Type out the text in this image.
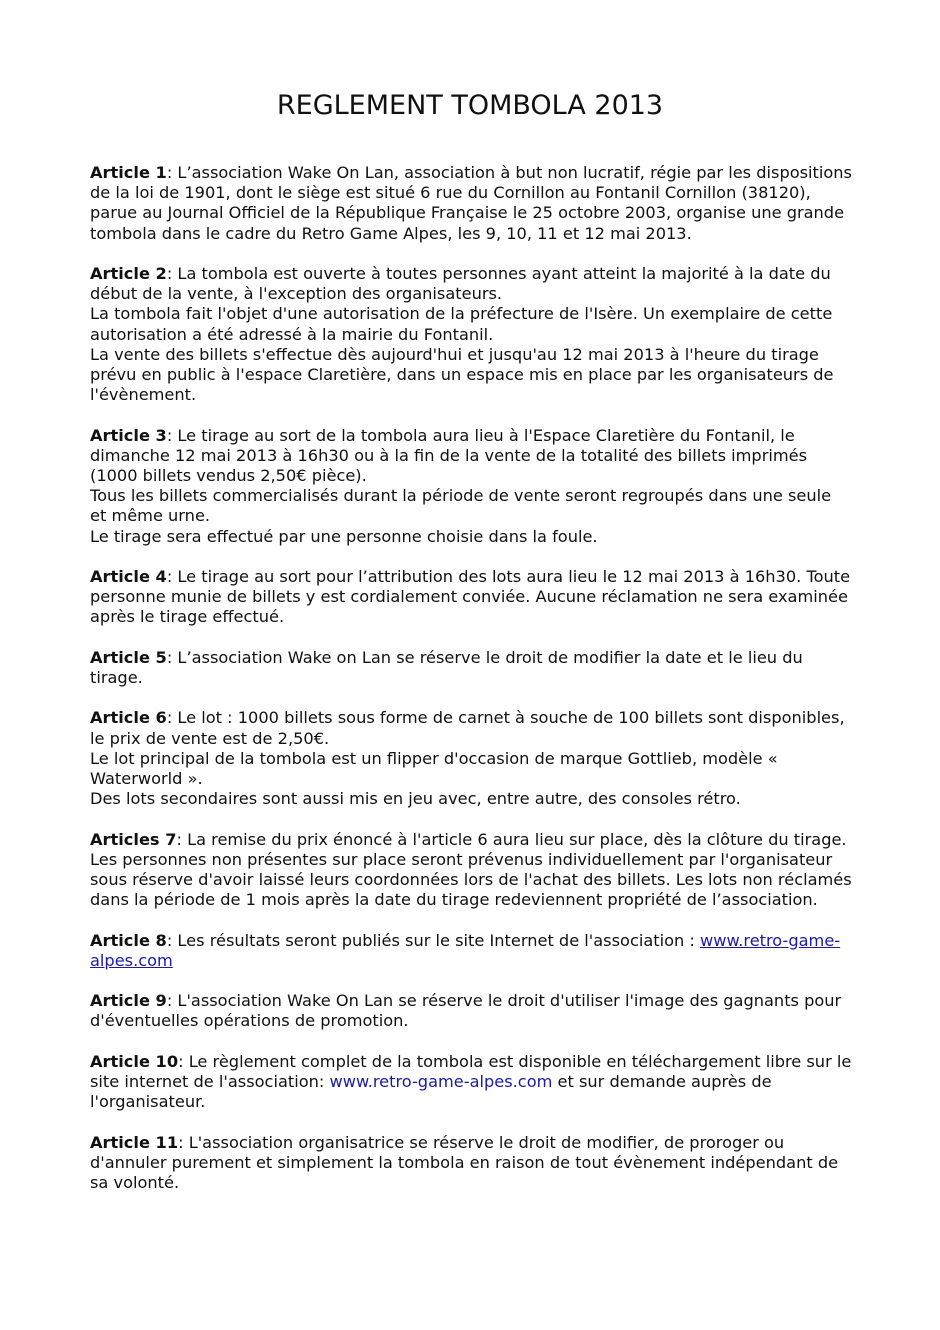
REGLEMENT TOMBOLA 2013

Article 1: L’association Wake On Lan, association à but non lucratif, régie par les dispositions de la loi de 1901, dont le siège est situé 6 rue du Cornillon au Fontanil Cornillon (38120), parue au Journal Officiel de la République Française le 25 octobre 2003, organise une grande tombola dans le cadre du Retro Game Alpes, les 9, 10, 11 et 12 mai 2013.

Article 2: La tombola est ouverte à toutes personnes ayant atteint la majorité à la date du début de la vente, à l'exception des organisateurs.

La tombola fait l'objet d'une autorisation de la préfecture de l'Isère. Un exemplaire de cette autorisation a été adressé à la mairie du Fontanil.

La vente des billets s'effectue dès aujourd'hui et jusqu'au 12 mai 2013 à l'heure du tirage prévu en public à l'espace Claretière, dans un espace mis en place par les organisateurs de l'évènement.

Article 3: Le tirage au sort de la tombola aura lieu à l'Espace Claretière du Fontanil, le dimanche 12 mai 2013 à 16h30 ou à la fin de la vente de la totalité des billets imprimés (1000 billets vendus 2,50€ pièce).

Tous les billets commercialisés durant la période de vente seront regroupés dans une seule et même urne.

Le tirage sera effectué par une personne choisie dans la foule.

Article 4: Le tirage au sort pour l’attribution des lots aura lieu le 12 mai 2013 à 16h30. Toute personne munie de billets y est cordialement conviée. Aucune réclamation ne sera examinée après le tirage effectué.

Article 5: L’association Wake on Lan se réserve le droit de modifier la date et le lieu du tirage.

Article 6: Le lot : 1000 billets sous forme de carnet à souche de 100 billets sont disponibles, le prix de vente est de 2,50€.

Le lot principal de la tombola est un flipper d'occasion de marque Gottlieb, modèle « Waterworld ».

Des lots secondaires sont aussi mis en jeu avec, entre autre, des consoles rétro.

Articles 7: La remise du prix énoncé à l'article 6 aura lieu sur place, dès la clôture du tirage. Les personnes non présentes sur place seront prévenus individuellement par l'organisateur sous réserve d'avoir laissé leurs coordonnées lors de l'achat des billets. Les lots non réclamés dans la période de 1 mois après la date du tirage redeviennent propriété de l’association.

Article 8: Les résultats seront publiés sur le site Internet de l'association : www.retro-game-alpes.com

Article 9: L'association Wake On Lan se réserve le droit d'utiliser l'image des gagnants pour d'éventuelles opérations de promotion.

Article 10: Le règlement complet de la tombola est disponible en téléchargement libre sur le site internet de l'association: www.retro-game-alpes.com et sur demande auprès de l'organisateur.

Article 11: L'association organisatrice se réserve le droit de modifier, de proroger ou d'annuler purement et simplement la tombola en raison de tout évènement indépendant de sa volonté.
